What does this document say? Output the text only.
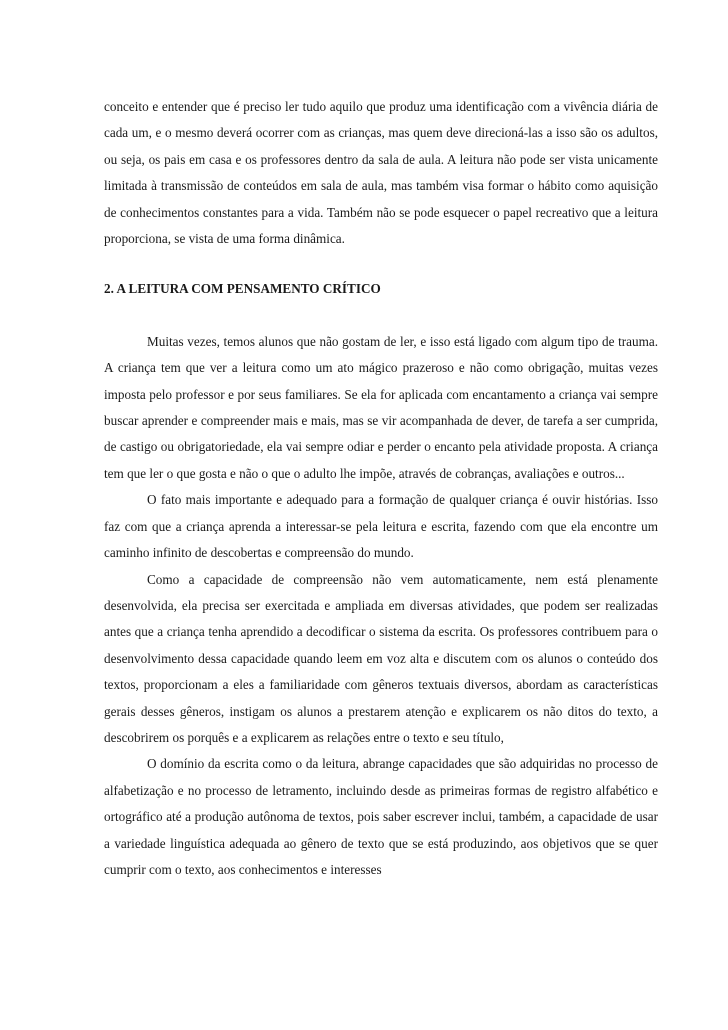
conceito e entender que é preciso ler tudo aquilo que produz uma identificação com a vivência diária de cada um, e o mesmo deverá ocorrer com as crianças, mas quem deve direcioná-las a isso são os adultos, ou seja, os pais em casa e os professores dentro da sala de aula. A leitura não pode ser vista unicamente limitada à transmissão de conteúdos em sala de aula, mas também visa formar o hábito como aquisição de conhecimentos constantes para a vida. Também não se pode esquecer o papel recreativo que a leitura proporciona, se vista de uma forma dinâmica.

2. A LEITURA COM PENSAMENTO CRÍTICO

Muitas vezes, temos alunos que não gostam de ler, e isso está ligado com algum tipo de trauma. A criança tem que ver a leitura como um ato mágico prazeroso e não como obrigação, muitas vezes imposta pelo professor e por seus familiares. Se ela for aplicada com encantamento a criança vai sempre buscar aprender e compreender mais e mais, mas se vir acompanhada de dever, de tarefa a ser cumprida, de castigo ou obrigatoriedade, ela vai sempre odiar e perder o encanto pela atividade proposta. A criança tem que ler o que gosta e não o que o adulto lhe impõe, através de cobranças, avaliações e outros...

O fato mais importante e adequado para a formação de qualquer criança é ouvir histórias. Isso faz com que a criança aprenda a interessar-se pela leitura e escrita, fazendo com que ela encontre um caminho infinito de descobertas e compreensão do mundo.

Como a capacidade de compreensão não vem automaticamente, nem está plenamente desenvolvida, ela precisa ser exercitada e ampliada em diversas atividades, que podem ser realizadas antes que a criança tenha aprendido a decodificar o sistema da escrita. Os professores contribuem para o desenvolvimento dessa capacidade quando leem em voz alta e discutem com os alunos o conteúdo dos textos, proporcionam a eles a familiaridade com gêneros textuais diversos, abordam as características gerais desses gêneros, instigam os alunos a prestarem atenção e explicarem os não ditos do texto, a descobrirem os porquês e a explicarem as relações entre o texto e seu título,

O domínio da escrita como o da leitura, abrange capacidades que são adquiridas no processo de alfabetização e no processo de letramento, incluindo desde as primeiras formas de registro alfabético e ortográfico até a produção autônoma de textos, pois saber escrever inclui, também, a capacidade de usar a variedade linguística adequada ao gênero de texto que se está produzindo, aos objetivos que se quer cumprir com o texto, aos conhecimentos e interesses
